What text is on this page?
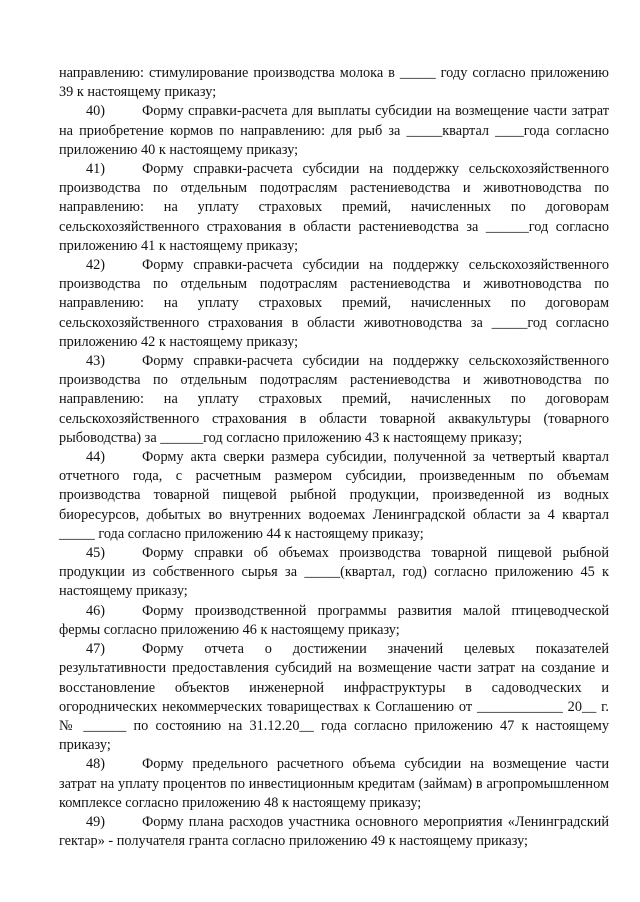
направлению: стимулирование производства молока в _____ году согласно приложению 39 к настоящему приказу;

40)	Форму справки-расчета для выплаты субсидии на возмещение части затрат на приобретение кормов по направлению: для рыб за _____квартал ____года согласно приложению 40 к настоящему приказу;

41)	Форму справки-расчета субсидии на поддержку сельскохозяйственного производства по отдельным подотраслям растениеводства и животноводства по направлению: на уплату страховых премий, начисленных по договорам сельскохозяйственного страхования в области растениеводства за ______год согласно приложению 41 к настоящему приказу;

42)	Форму справки-расчета субсидии на поддержку сельскохозяйственного производства по отдельным подотраслям растениеводства и животноводства по направлению: на уплату страховых премий, начисленных по договорам сельскохозяйственного страхования в области животноводства за _____год согласно приложению 42 к настоящему приказу;

43)	Форму справки-расчета субсидии на поддержку сельскохозяйственного производства по отдельным подотраслям растениеводства и животноводства по направлению: на уплату страховых премий, начисленных по договорам сельскохозяйственного страхования в области товарной аквакультуры (товарного рыбоводства) за ______год согласно приложению 43 к настоящему приказу;

44)	Форму акта сверки размера субсидии, полученной за четвертый квартал отчетного года, с расчетным размером субсидии, произведенным по объемам производства товарной пищевой рыбной продукции, произведенной из водных биоресурсов, добытых во внутренних водоемах Ленинградской области за 4 квартал _____ года согласно приложению 44 к настоящему приказу;

45)	Форму справки об объемах производства товарной пищевой рыбной продукции из собственного сырья за _____(квартал, год) согласно приложению 45 к настоящему приказу;

46)	Форму производственной программы развития малой птицеводческой фермы согласно приложению 46 к настоящему приказу;

47)	Форму отчета о достижении значений целевых показателей результативности предоставления субсидий на возмещение части затрат на создание и восстановление объектов инженерной инфраструктуры в садоводческих и огороднических некоммерческих товариществах к Соглашению от ____________ 20__ г. № ______ по состоянию на 31.12.20__ года согласно приложению 47 к настоящему приказу;

48)	Форму предельного расчетного объема субсидии на возмещение части затрат на уплату процентов по инвестиционным кредитам (займам) в агропромышленном комплексе согласно приложению 48 к настоящему приказу;

49)	Форму плана расходов участника основного мероприятия «Ленинградский гектар» - получателя гранта согласно приложению 49 к настоящему приказу;
